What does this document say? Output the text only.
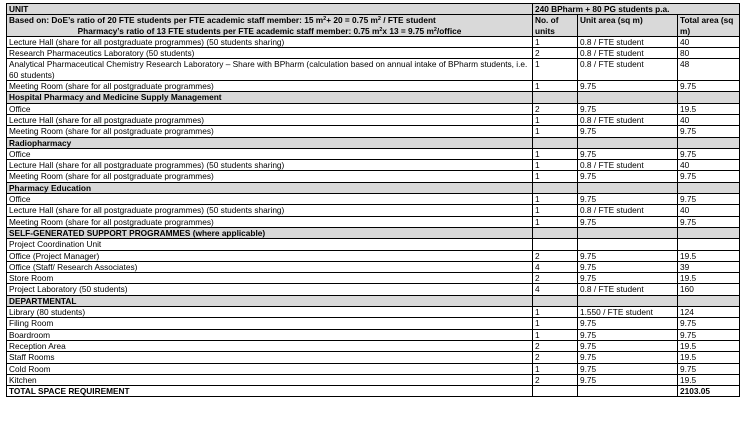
UNIT	240 BPharm + 80 PG students p.a.		

Based on: DoE’s ratio of 20 FTE students per FTE academic staff member: 15 $m^2+ 20 = 0.75$ $m^2$ / FTE student
Pharmacy’s ratio of 13 FTE students per FTE academic staff member: 0.75 $m^2x$ 13 = 9.75 $m^2$/office	No. of units	Unit area (sq m)	Total area (sq m)
Lecture Hall (share for all postgraduate programmes) (50 students sharing)	1	0.8 / FTE student	40
Research Pharmaceutics Laboratory (50 students)	2	0.8 / FTE student	80
Analytical Pharmaceutical Chemistry Research Laboratory – Share with BPharm (calculation based on annual intake of BPharm students, i.e. 60 students)	1	0.8 / FTE student	48
Meeting Room (share for all postgraduate programmes)	1	9.75	9.75
Hospital Pharmacy and Medicine Supply Management			
Office	2	9.75	19.5
Lecture Hall (share for all postgraduate programmes)	1	0.8 / FTE student	40
Meeting Room (share for all postgraduate programmes)	1	9.75	9.75
Radiopharmacy			
Office	1	9.75	9.75
Lecture Hall (share for all postgraduate programmes) (50 students sharing)	1	0.8 / FTE student	40
Meeting Room (share for all postgraduate programmes)	1	9.75	9.75
Pharmacy Education			
Office	1	9.75	9.75
Lecture Hall (share for all postgraduate programmes) (50 students sharing)	1	0.8 / FTE student	40
Meeting Room (share for all postgraduate programmes)	1	9.75	9.75
SELF-GENERATED SUPPORT PROGRAMMES (where applicable)			
Project Coordination Unit			
Office (Project Manager)	2	9.75	19.5
Office (Staff/ Research Associates)	4	9.75	39
Store Room	2	9.75	19.5
Project Laboratory (50 students)	4	0.8 / FTE student	160
DEPARTMENTAL			
Library (80 students)	1	1.550 / FTE student	124
Filing Room	1	9.75	9.75
Boardroom	1	9.75	9.75
Reception Area	2	9.75	19.5
Staff Rooms	2	9.75	19.5
Cold Room	1	9.75	9.75
Kitchen	2	9.75	19.5
TOTAL SPACE REQUIREMENT			2103.05
